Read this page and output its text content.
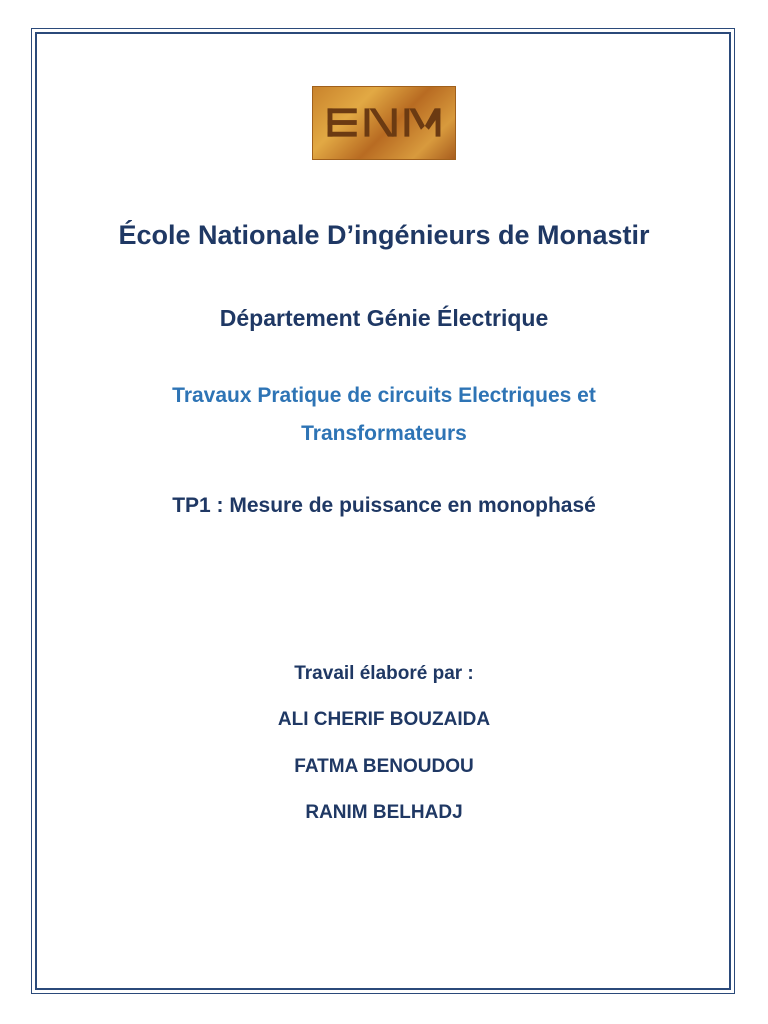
École Nationale D’ingénieurs de Monastir
Département Génie Électrique
Travaux Pratique de circuits Electriques et
Transformateurs
TP1 : Mesure de puissance en monophasé
Travail élaboré par :
ALI CHERIF BOUZAIDA
FATMA BENOUDOU
RANIM BELHADJ
